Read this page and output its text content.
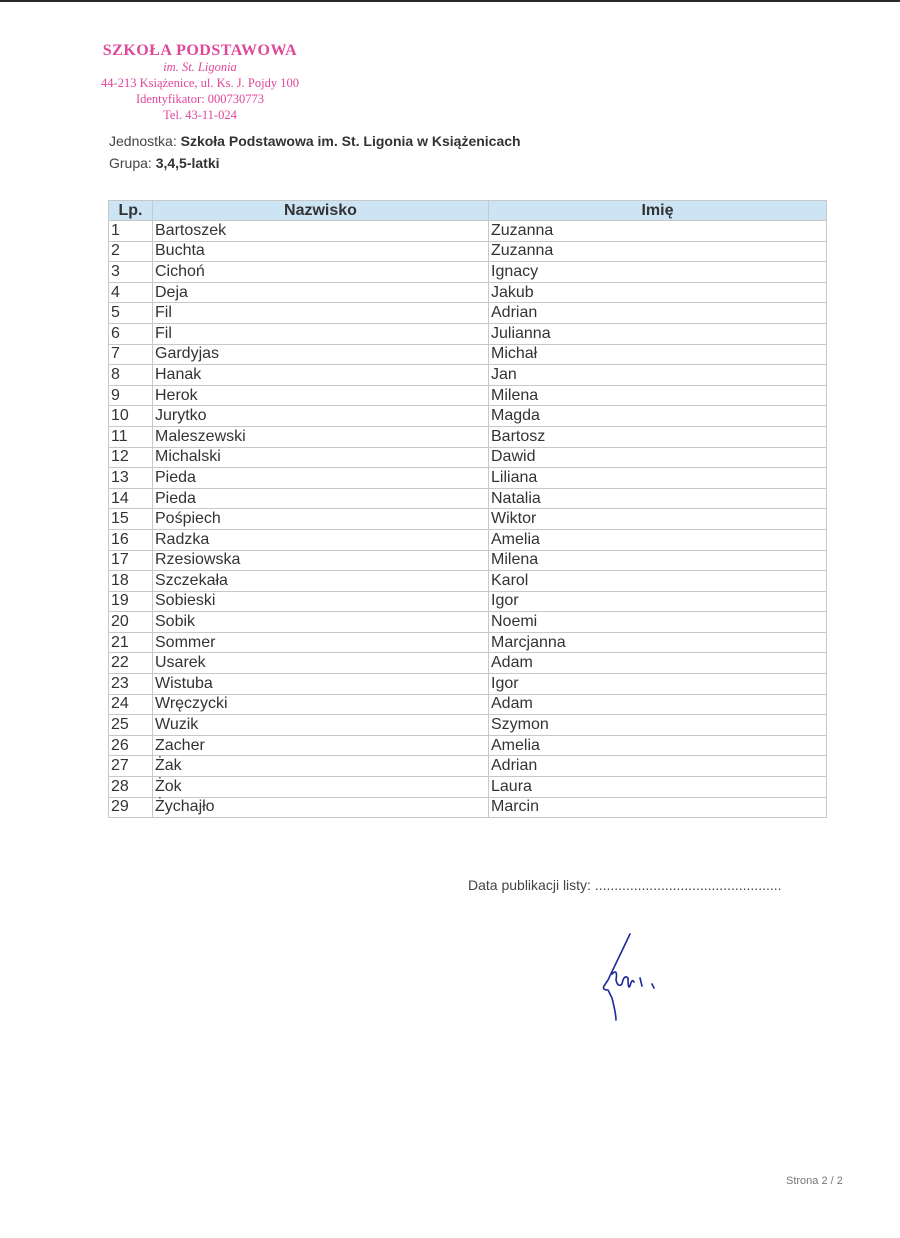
SZKOŁA PODSTAWOWA
im. St. Ligonia
44-213 Książenice, ul. Ks. J. Pojdy 100
Identyfikator: 000730773
Tel. 43-11-024
Jednostka: Szkoła Podstawowa im. St. Ligonia w Książenicach
Grupa: 3,4,5-latki
Lp.	Nazwisko	Imię
1	Bartoszek	Zuzanna
2	Buchta	Zuzanna
3	Cichoń	Ignacy
4	Deja	Jakub
5	Fil	Adrian
6	Fil	Julianna
7	Gardyjas	Michał
8	Hanak	Jan
9	Herok	Milena
10	Jurytko	Magda
11	Maleszewski	Bartosz
12	Michalski	Dawid
13	Pieda	Liliana
14	Pieda	Natalia
15	Pośpiech	Wiktor
16	Radzka	Amelia
17	Rzesiowska	Milena
18	Szczekała	Karol
19	Sobieski	Igor
20	Sobik	Noemi
21	Sommer	Marcjanna
22	Usarek	Adam
23	Wistuba	Igor
24	Wręczycki	Adam
25	Wuzik	Szymon
26	Zacher	Amelia
27	Żak	Adrian
28	Żok	Laura
29	Żychajło	Marcin
Data publikacji listy: ................................................
Strona 2 / 2
